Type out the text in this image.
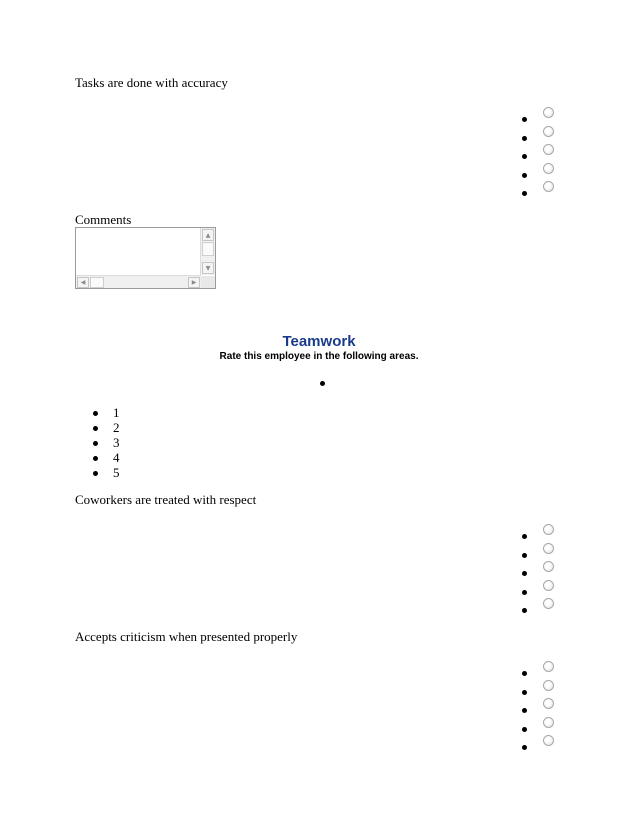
Tasks are done with accuracy

Comments

▲
▼
◀	▶
Teamwork

Rate this employee in the following areas.

1
2
3
4
5

Coworkers are treated with respect

Accepts criticism when presented properly
